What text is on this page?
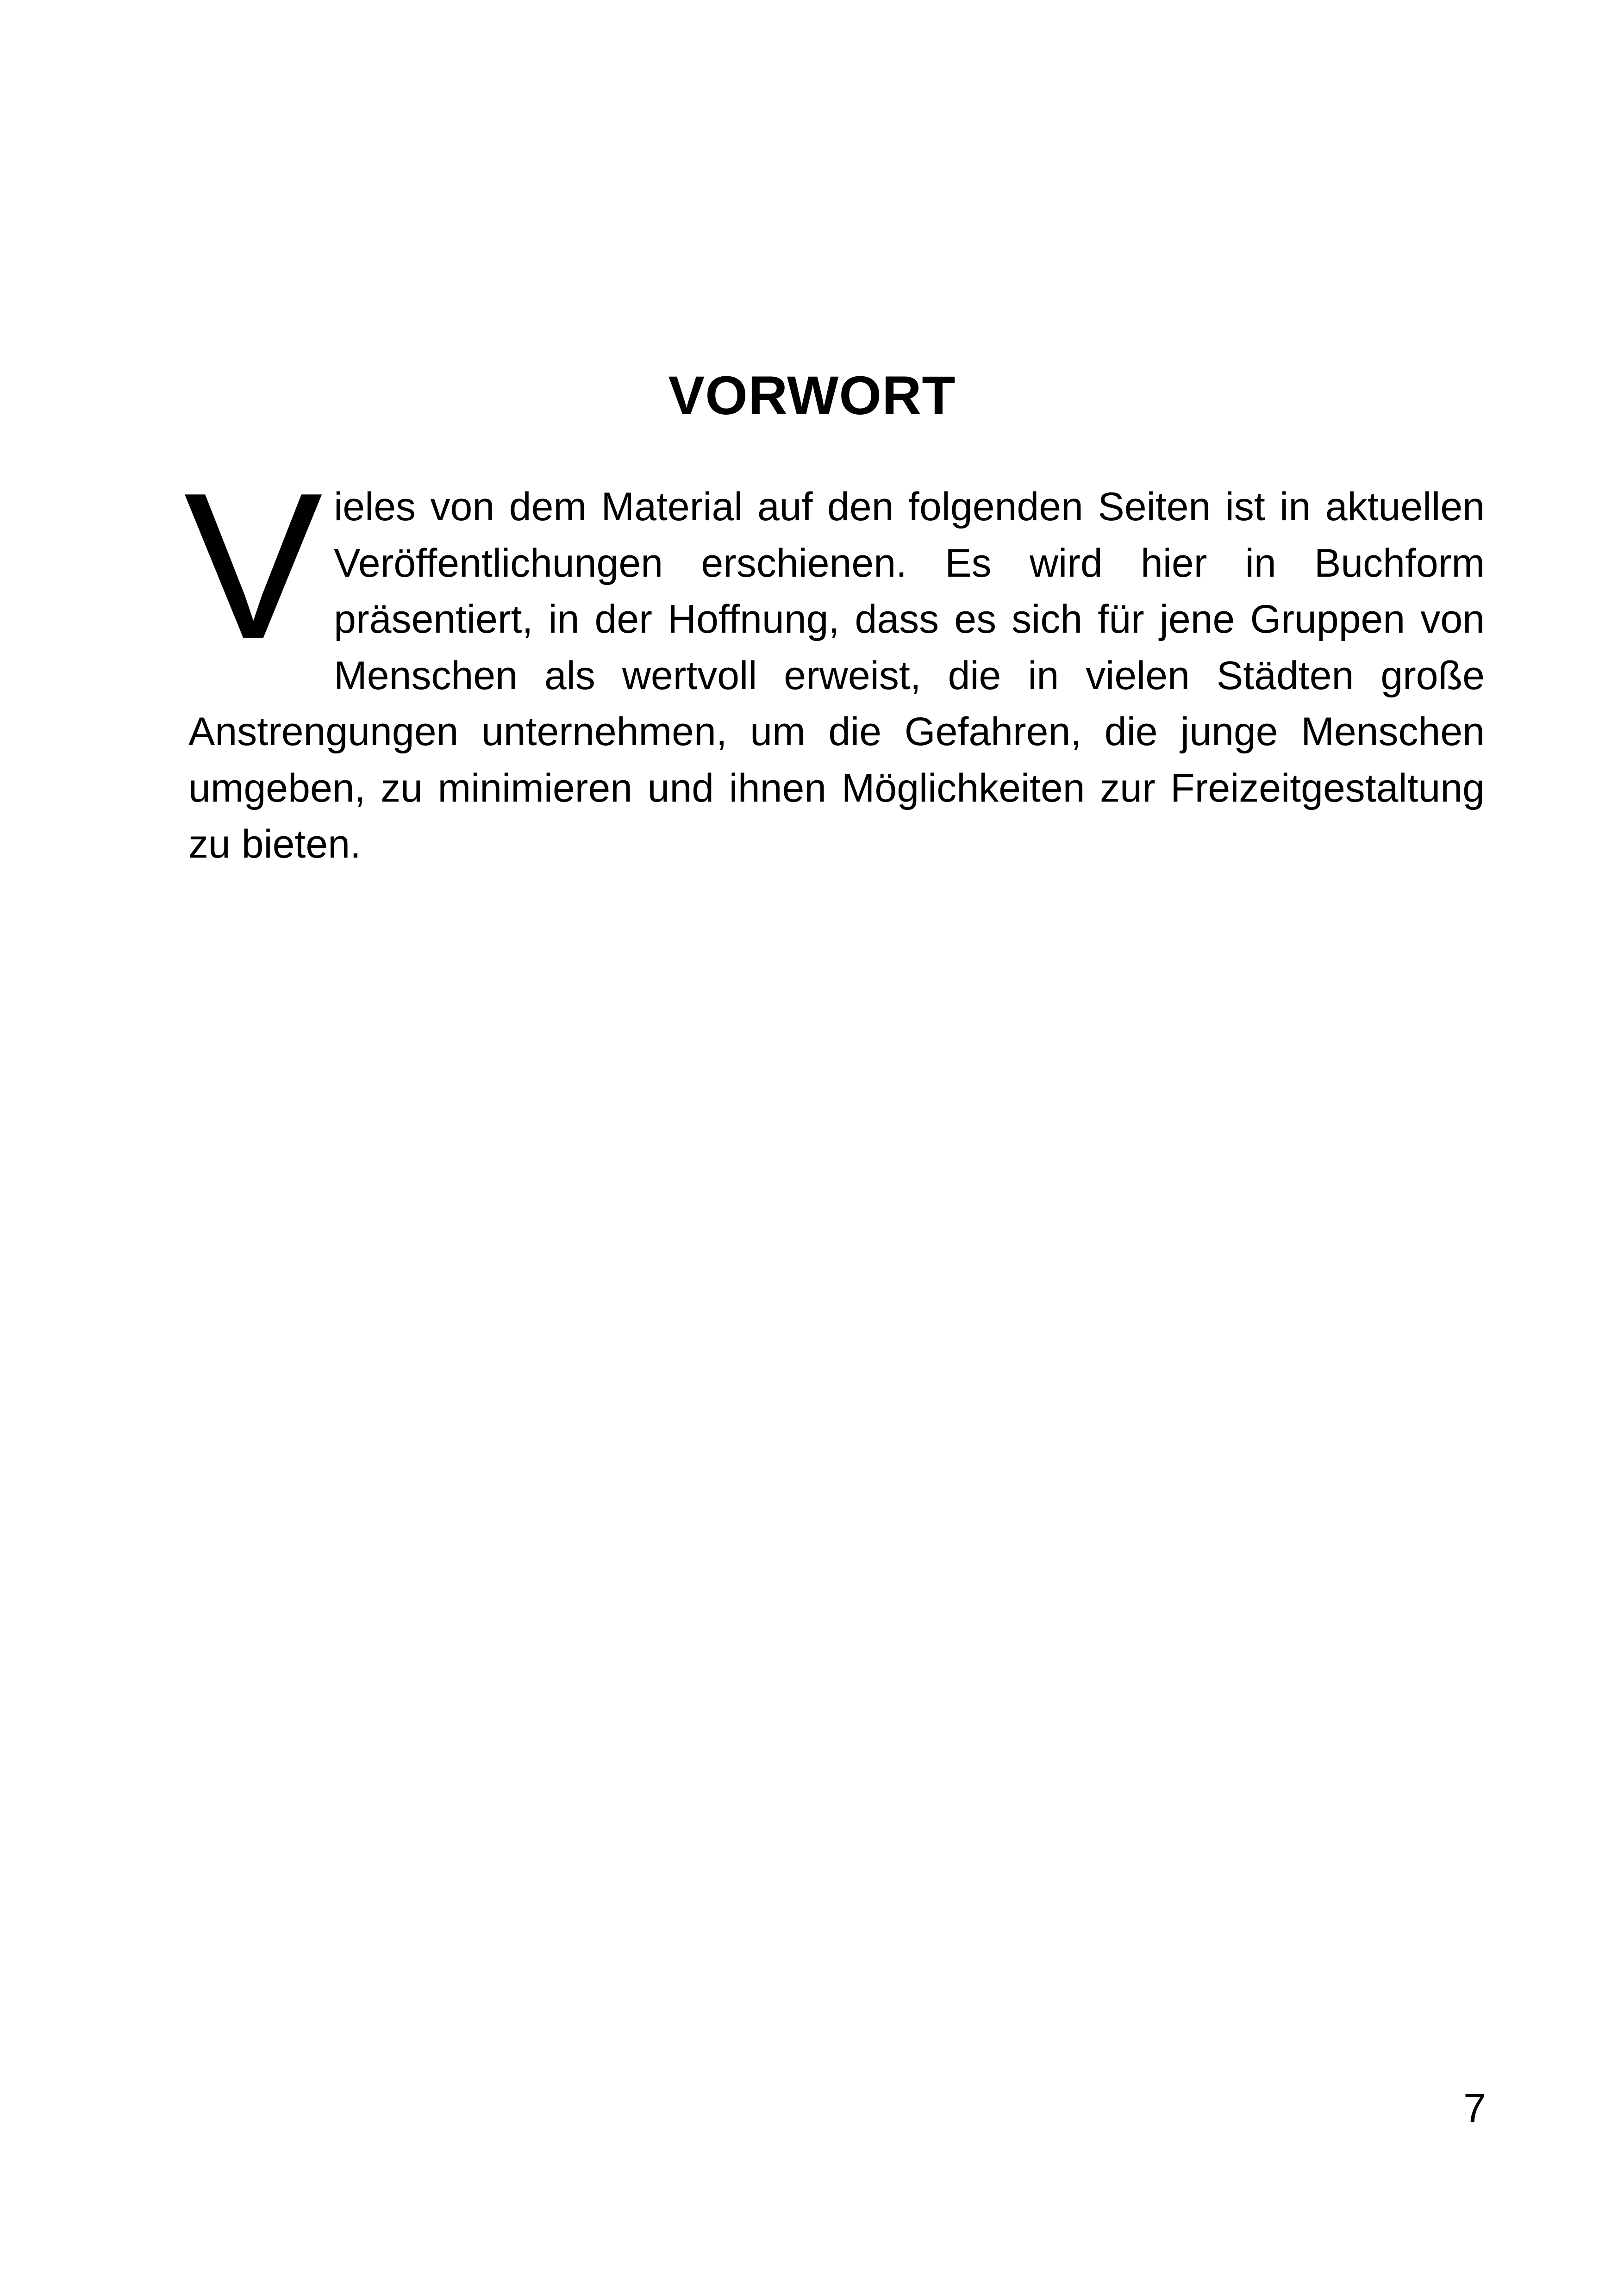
VORWORT

Vieles von dem Material auf den folgenden Seiten ist in aktuellen Veröffentlichungen erschienen. Es wird hier in Buchform präsentiert, in der Hoffnung, dass es sich für jene Gruppen von Menschen als wertvoll erweist, die in vielen Städten große Anstrengungen unternehmen, um die Gefahren, die junge Menschen umgeben, zu minimieren und ihnen Möglichkeiten zur Freizeitgestaltung zu bieten.

7
